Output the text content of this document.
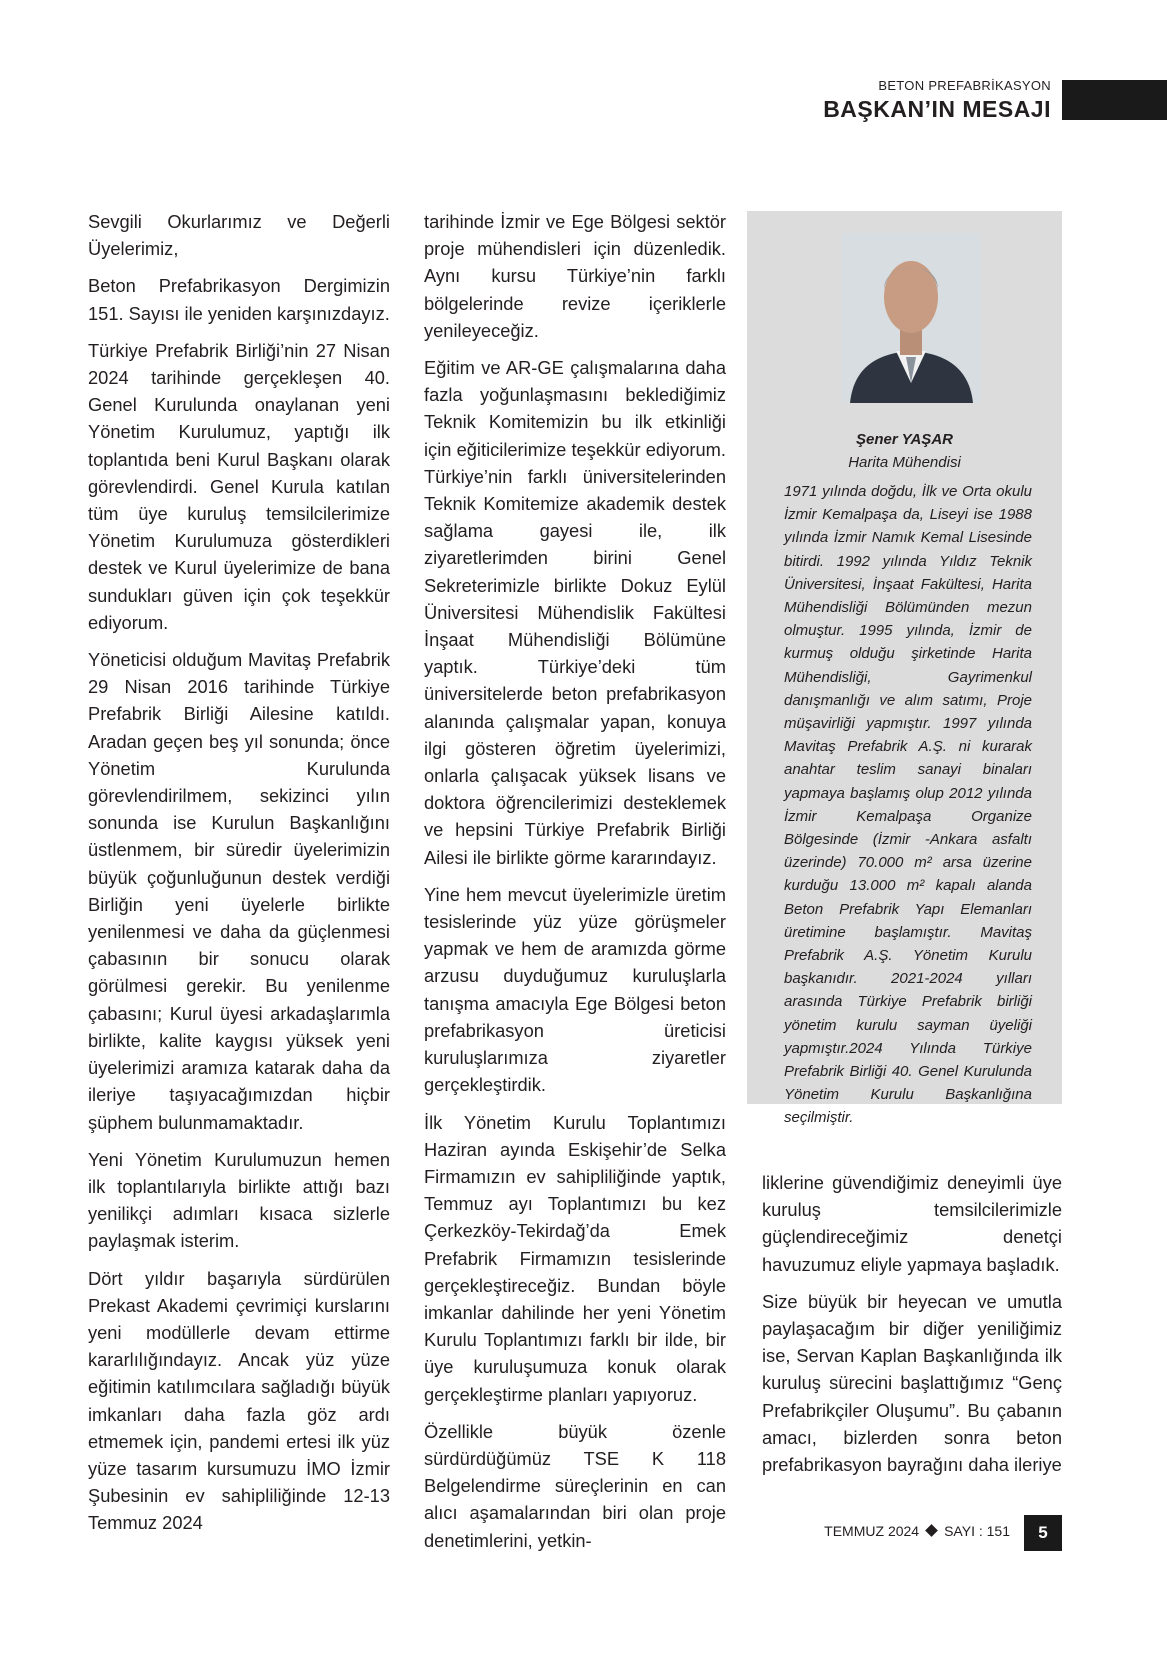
BETON PREFABRİKASYON
BAŞKAN’IN MESAJI

Sevgili Okurlarımız ve Değerli Üyelerimiz,

Beton Prefabrikasyon Dergimizin 151. Sayısı ile yeniden karşınızdayız.

Türkiye Prefabrik Birliği’nin 27 Nisan 2024 tarihinde gerçekleşen 40. Genel Kurulunda onaylanan yeni Yönetim Kurulumuz, yaptığı ilk toplantıda beni Kurul Başkanı olarak görevlendirdi. Genel Kurula katılan tüm üye kuruluş temsilcilerimize Yönetim Kurulumuza gösterdikleri destek ve Kurul üyelerimize de bana sundukları güven için çok teşekkür ediyorum.

Yöneticisi olduğum Mavitaş Prefabrik 29 Nisan 2016 tarihinde Türkiye Prefabrik Birliği Ailesine katıldı. Aradan geçen beş yıl sonunda; önce Yönetim Kurulunda görevlendirilmem, sekizinci yılın sonunda ise Kurulun Başkanlığını üstlenmem, bir süredir üyelerimizin büyük çoğunluğunun destek verdiği Birliğin yeni üyelerle birlikte yenilenmesi ve daha da güçlenmesi çabasının bir sonucu olarak görülmesi gerekir. Bu yenilenme çabasını; Kurul üyesi arkadaşlarımla birlikte, kalite kaygısı yüksek yeni üyelerimizi aramıza katarak daha da ileriye taşıyacağımızdan hiçbir şüphem bulunmamaktadır.

Yeni Yönetim Kurulumuzun hemen ilk toplantılarıyla birlikte attığı bazı yenilikçi adımları kısaca sizlerle paylaşmak isterim.

Dört yıldır başarıyla sürdürülen Prekast Akademi çevrimiçi kurslarını yeni modüllerle devam ettirme kararlılığındayız. Ancak yüz yüze eğitimin katılımcılara sağladığı büyük imkanları daha fazla göz ardı etmemek için, pandemi ertesi ilk yüz yüze tasarım kursumuzu İMO İzmir Şubesinin ev sahipliliğinde 12-13 Temmuz 2024

tarihinde İzmir ve Ege Bölgesi sektör proje mühendisleri için düzenledik. Aynı kursu Türkiye’nin farklı bölgelerinde revize içeriklerle yenileyeceğiz.

Eğitim ve AR-GE çalışmalarına daha fazla yoğunlaşmasını beklediğimiz Teknik Komitemizin bu ilk etkinliği için eğiticilerimize teşekkür ediyorum. Türkiye’nin farklı üniversitelerinden Teknik Komitemize akademik destek sağlama gayesi ile, ilk ziyaretlerimden birini Genel Sekreterimizle birlikte Dokuz Eylül Üniversitesi Mühendislik Fakültesi İnşaat Mühendisliği Bölümüne yaptık. Türkiye’deki tüm üniversitelerde beton prefabrikasyon alanında çalışmalar yapan, konuya ilgi gösteren öğretim üyelerimizi, onlarla çalışacak yüksek lisans ve doktora öğrencilerimizi desteklemek ve hepsini Türkiye Prefabrik Birliği Ailesi ile birlikte görme kararındayız.

Yine hem mevcut üyelerimizle üretim tesislerinde yüz yüze görüşmeler yapmak ve hem de aramızda görme arzusu duyduğumuz kuruluşlarla tanışma amacıyla Ege Bölgesi beton prefabrikasyon üreticisi kuruluşlarımıza ziyaretler gerçekleştirdik.

İlk Yönetim Kurulu Toplantımızı Haziran ayında Eskişehir’de Selka Firmamızın ev sahipliliğinde yaptık, Temmuz ayı Toplantımızı bu kez Çerkezköy-Tekirdağ’da Emek Prefabrik Firmamızın tesislerinde gerçekleştireceğiz. Bundan böyle imkanlar dahilinde her yeni Yönetim Kurulu Toplantımızı farklı bir ilde, bir üye kuruluşumuza konuk olarak gerçekleştirme planları yapıyoruz.

Özellikle büyük özenle sürdürdüğümüz TSE K 118 Belgelendirme süreçlerinin en can alıcı aşamalarından biri olan proje denetimlerini, yetkin-

Şener YAŞAR
Harita Mühendisi
1971 yılında doğdu, İlk ve Orta okulu İzmir Kemalpaşa da, Liseyi ise 1988 yılında İzmir Namık Kemal Lisesinde bitirdi. 1992 yılında Yıldız Teknik Üniversitesi, İnşaat Fakültesi, Harita Mühendisliği Bölümünden mezun olmuştur. 1995 yılında, İzmir de kurmuş olduğu şirketinde Harita Mühendisliği, Gayrimenkul danışmanlığı ve alım satımı, Proje müşavirliği yapmıştır. 1997 yılında Mavitaş Prefabrik A.Ş. ni kurarak anahtar teslim sanayi binaları yapmaya başlamış olup 2012 yılında İzmir Kemalpaşa Organize Bölgesinde (İzmir -Ankara asfaltı üzerinde) 70.000 m² arsa üzerine kurduğu 13.000 m² kapalı alanda Beton Prefabrik Yapı Elemanları üretimine başlamıştır. Mavitaş Prefabrik A.Ş. Yönetim Kurulu başkanıdır. 2021-2024 yılları arasında Türkiye Prefabrik birliği yönetim kurulu sayman üyeliği yapmıştır.2024 Yılında Türkiye Prefabrik Birliği 40. Genel Kurulunda Yönetim Kurulu Başkanlığına seçilmiştir.

liklerine güvendiğimiz deneyimli üye kuruluş temsilcilerimizle güçlendireceğimiz denetçi havuzumuz eliyle yapmaya başladık.

Size büyük bir heyecan ve umutla paylaşacağım bir diğer yeniliğimiz ise, Servan Kaplan Başkanlığında ilk kuruluş sürecini başlattığımız “Genç Prefabrikçiler Oluşumu”. Bu çabanın amacı, bizlerden sonra beton prefabrikasyon bayrağını daha ileriye

TEMMUZ 2024 SAYI : 151	5
